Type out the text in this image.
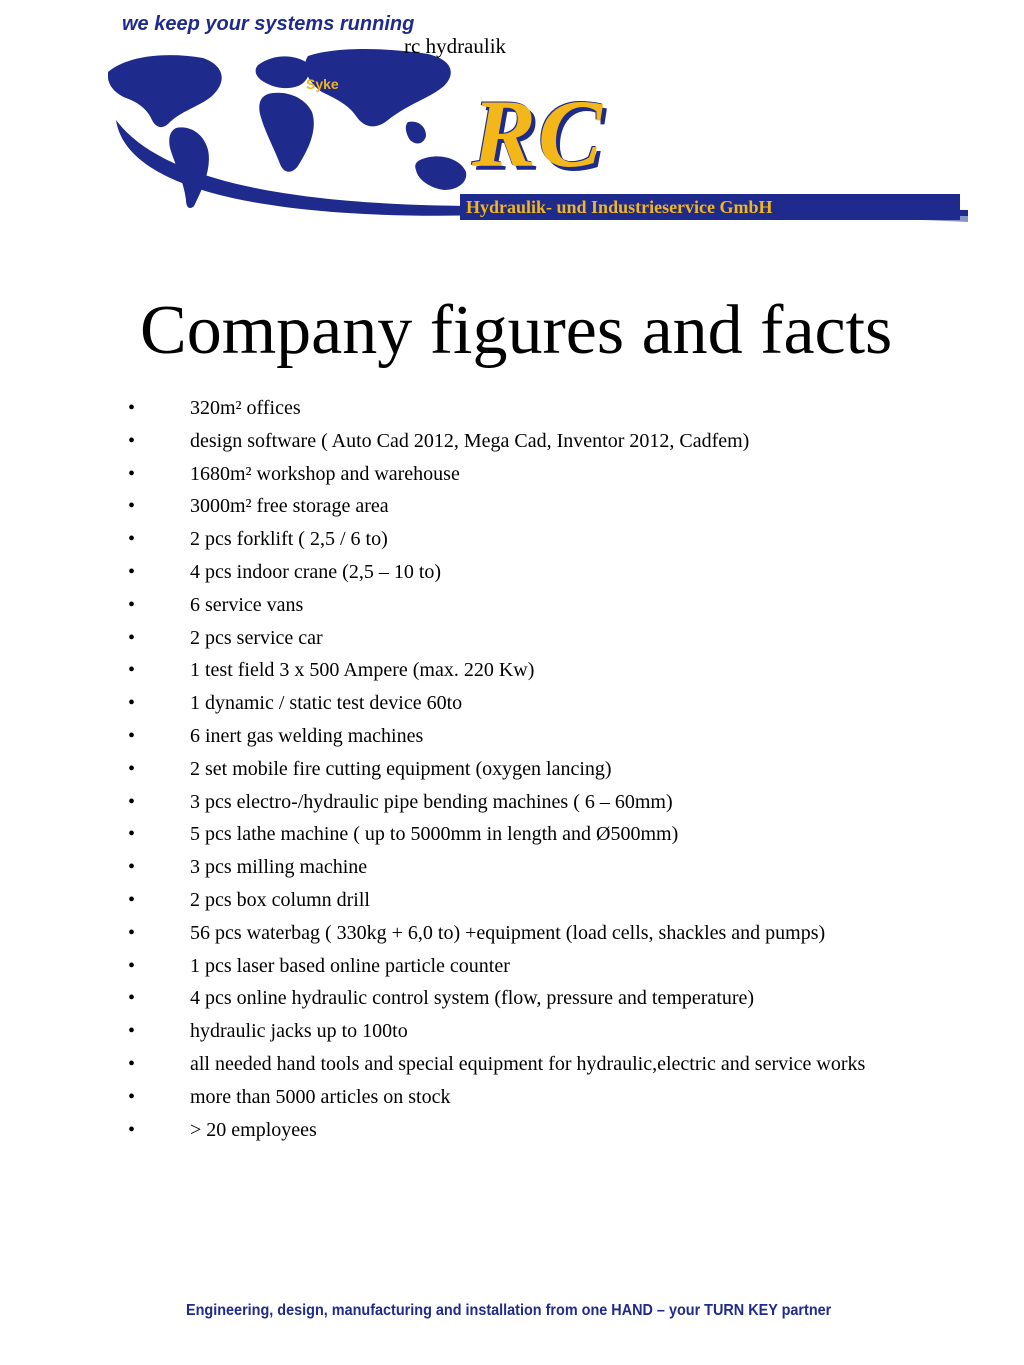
we keep your systems running
rc hydraulik
Syke RC
Hydraulik- und Industrieservice GmbH
Company figures and facts
•	320m² offices
•	design software ( Auto Cad 2012, Mega Cad, Inventor 2012, Cadfem)
•	1680m² workshop and warehouse
•	3000m² free storage area
•	2 pcs forklift ( 2,5 / 6 to)
•	4 pcs indoor crane (2,5 – 10 to)
•	6 service vans
•	2 pcs service car
•	1 test field 3 x 500 Ampere (max. 220 Kw)
•	1 dynamic / static test device 60to
•	6 inert gas welding machines
•	2 set mobile fire cutting equipment (oxygen lancing)
•	3 pcs electro-/hydraulic pipe bending machines ( 6 – 60mm)
•	5 pcs lathe machine ( up to 5000mm in length and Ø500mm)
•	3 pcs milling machine
•	2 pcs box column drill
•	56 pcs waterbag ( 330kg + 6,0 to) +equipment (load cells, shackles and pumps)
•	1 pcs laser based online particle counter
•	4 pcs online hydraulic control system (flow, pressure and temperature)
•	hydraulic jacks up to 100to
•	all needed hand tools and special equipment for hydraulic,electric and service works
•	more than 5000 articles on stock
•	> 20 employees
Engineering, design, manufacturing and installation from one HAND – your TURN KEY partner
